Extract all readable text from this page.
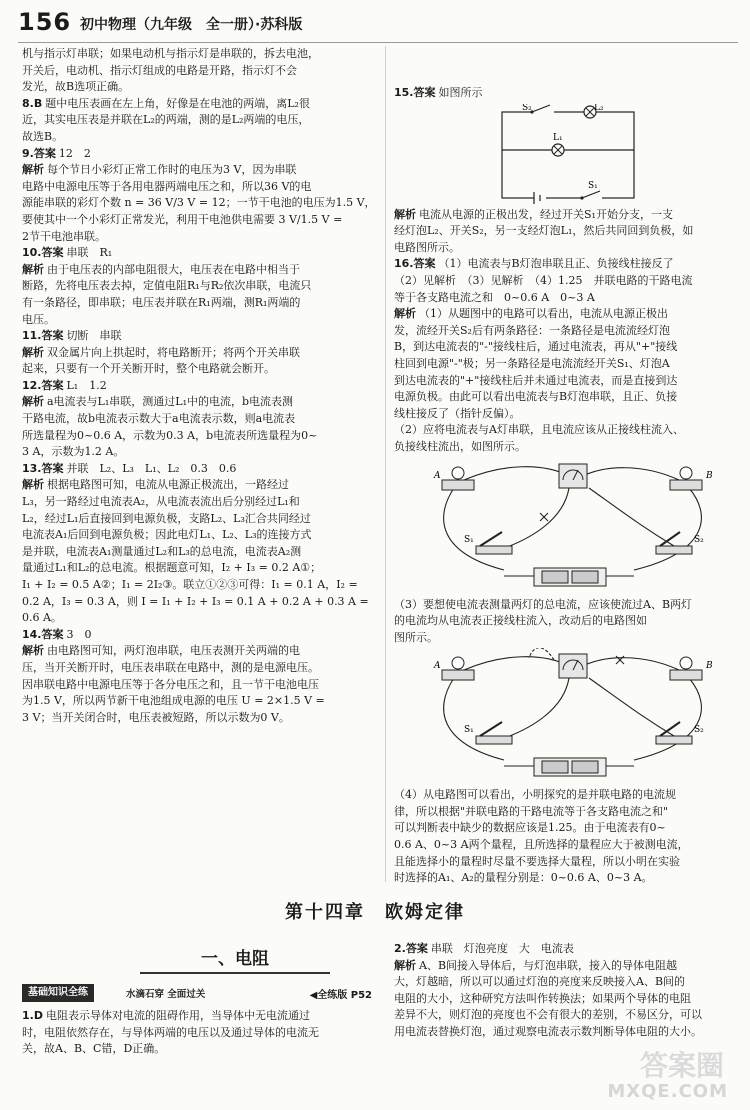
156 初中物理（九年级　全一册）·苏科版

机与指示灯串联；如果电动机与指示灯是串联的，拆去电池，

开关后，电动机、指示灯组成的电路是开路，指示灯不会

发光，故B选项正确。

8.B 题中电压表画在左上角，好像是在电池的两端，离L₂很

近，其实电压表是并联在L₂的两端，测的是L₂两端的电压，

故选B。

9.答案 12　2

解析 每个节日小彩灯正常工作时的电压为3 V，因为串联

电路中电源电压等于各用电器两端电压之和，所以36 V的电

源能串联的彩灯个数 n = 36 V/3 V = 12；一节干电池的电压为1.5 V，

要使其中一个小彩灯正常发光，利用干电池供电需要 3 V/1.5 V =

2节干电池串联。

10.答案 串联　R₁

解析 由于电压表的内部电阻很大，电压表在电路中相当于

断路，先将电压表去掉，定值电阻R₁与R₂依次串联，电流只

有一条路径，即串联；电压表并联在R₁两端，测R₁两端的

电压。

11.答案 切断　串联

解析 双金属片向上拱起时，将电路断开；将两个开关串联

起来，只要有一个开关断开时，整个电路就会断开。

12.答案 L₁　1.2

解析 a电流表与L₁串联，测通过L₁中的电流，b电流表测

干路电流，故b电流表示数大于a电流表示数，则a电流表

所选量程为0~0.6 A，示数为0.3 A，b电流表所选量程为0~

3 A，示数为1.2 A。

13.答案 并联　L₂、L₃　L₁、L₂　0.3　0.6

解析 根据电路图可知，电流从电源正极流出，一路经过

L₃，另一路经过电流表A₂，从电流表流出后分别经过L₁和

L₂，经过L₁后直接回到电源负极，支路L₂、L₃汇合共同经过

电流表A₁后回到电源负极；因此电灯L₁、L₂、L₃的连接方式

是并联，电流表A₁测量通过L₂和L₃的总电流，电流表A₂测

量通过L₁和L₂的总电流。根据题意可知，I₂ + I₃ = 0.2 A①；

I₁ + I₂ = 0.5 A②；I₁ = 2I₂③。联立①②③可得：I₁ = 0.1 A，I₂ =

0.2 A，I₃ = 0.3 A，则 I = I₁ + I₂ + I₃ = 0.1 A + 0.2 A + 0.3 A = 0.6 A。

14.答案 3　0

解析 由电路图可知，两灯泡串联，电压表测开关两端的电

压，当开关断开时，电压表串联在电路中，测的是电源电压。

因串联电路中电源电压等于各分电压之和，且一节干电池电压

为1.5 V，所以两节新干电池组成电源的电压 U = 2×1.5 V =

3 V；当开关闭合时，电压表被短路，所以示数为0 V。

15.答案 如图所示

S₂	L₂
L₁
S₁

解析 电流从电源的正极出发，经过开关S₁开始分支，一支

经灯泡L₂、开关S₂，另一支经灯泡L₁，然后共同回到负极，如

电路图所示。

16.答案 （1）电流表与B灯泡串联且正、负接线柱接反了

（2）见解析　（3）见解析　（4）1.25　并联电路的干路电流

等于各支路电流之和　0~0.6 A　0~3 A

解析 （1）从题图中的电路可以看出，电流从电源正极出

发，流经开关S₂后有两条路径：一条路径是电流流经灯泡

B，到达电流表的"-"接线柱后，通过电流表，再从"+"接线

柱回到电源"-"极；另一条路径是电流流经开关S₁、灯泡A

到达电流表的"+"接线柱后并未通过电流表，而是直接到达

电源负极。由此可以看出电流表与B灯泡串联，且正、负接

线柱接反了（指针反偏）。

（2）应将电流表与A灯串联，且电流应该从正接线柱流入、

负接线柱流出，如图所示。

A	B
S₁	S₂

（3）要想使电流表测量两灯的总电流，应该使流过A、B两灯

的电流均从电流表正接线柱流入，改动后的电路图如

图所示。

A	B
S₁	S₂

（4）从电路图可以看出，小明探究的是并联电路的电流规

律，所以根据"并联电路的干路电流等于各支路电流之和"

可以判断表中缺少的数据应该是1.25。由于电流表有0~

0.6 A、0~3 A两个量程，且所选择的量程应大于被测电流，

且能选择小的量程时尽量不要选择大量程，所以小明在实验

时选择的A₁、A₂的量程分别是：0~0.6 A、0~3 A。

第十四章　欧姆定律
一、电阻
基础知识全练	水滴石穿 全面过关	◀全练版 P52

1.D 电阻表示导体对电流的阻碍作用，当导体中无电流通过

时，电阻依然存在，与导体两端的电压以及通过导体的电流无

关，故A、B、C错，D正确。

2.答案 串联　灯泡亮度　大　电流表

解析 A、B间接入导体后，与灯泡串联，接入的导体电阻越

大，灯越暗，所以可以通过灯泡的亮度来反映接入A、B间的

电阻的大小，这种研究方法叫作转换法；如果两个导体的电阻

差异不大，则灯泡的亮度也不会有很大的差别，不易区分，可以

用电流表替换灯泡，通过观察电流表示数判断导体电阻的大小。

答案圈
MXQE.COM
